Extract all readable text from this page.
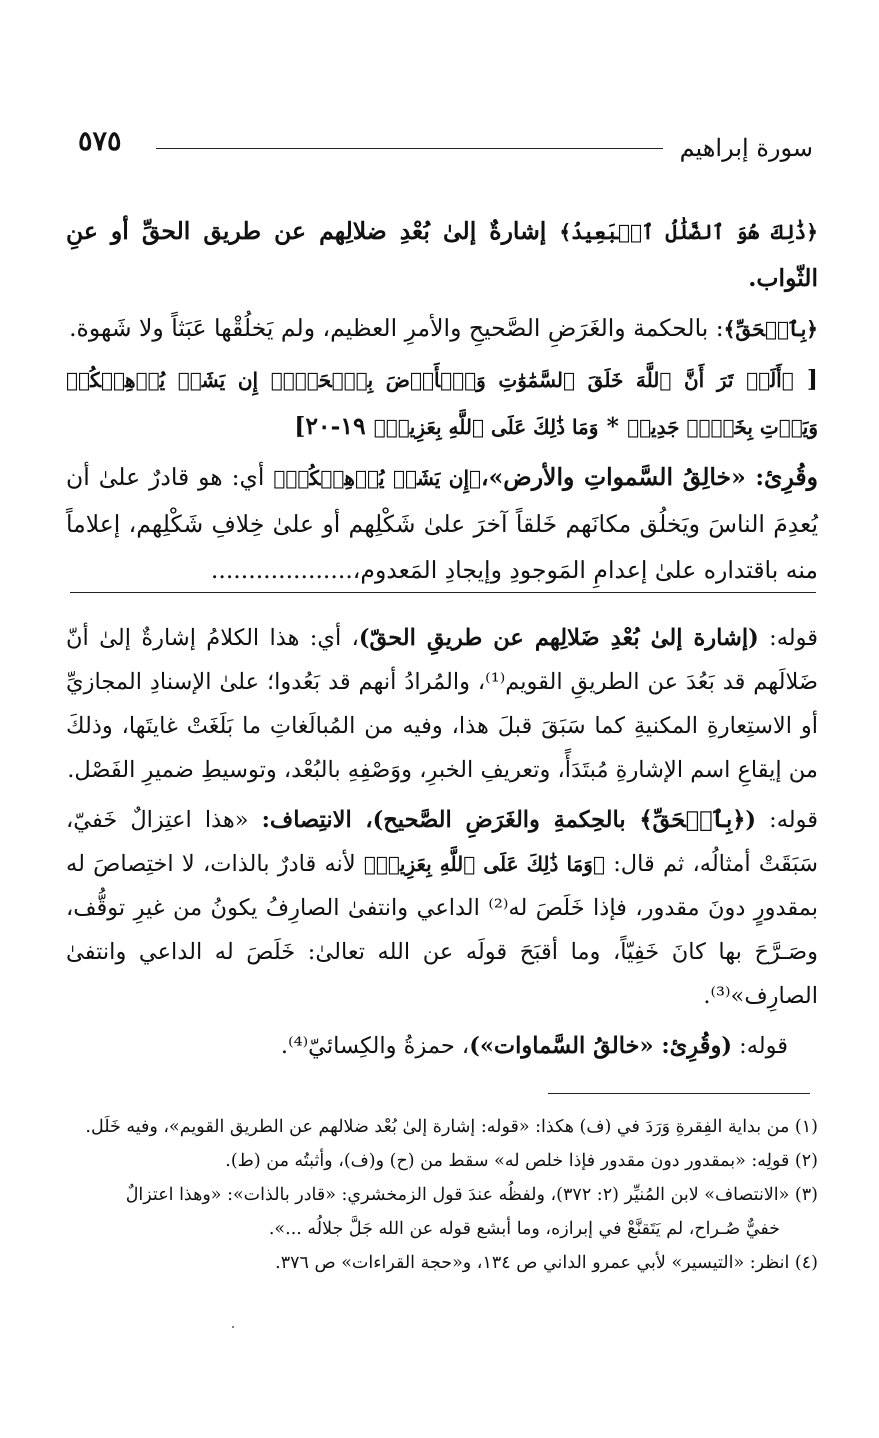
سورة إبراهيم
٥٧٥

﴿ذَٰلِكَ هُوَ ٱلضَّلَٰلُ ٱلۡبَعِيدُ﴾ إشارةٌ إلىٰ بُعْدِ ضلالِهم عن طريق الحقِّ أو عنِ الثّواب.

﴿بِٱلۡحَقِّ﴾: بالحكمة والغَرَضِ الصَّحيحِ والأمرِ العظيم، ولم يَخلُقْها عَبَثاً ولا شَهوة.

[ ﴿أَلَمۡ تَرَ أَنَّ ٱللَّهَ خَلَقَ ٱلسَّمَٰوَٰتِ وَٱلۡأَرۡضَ بِٱلۡحَقِّۚ إِن يَشَأۡ يُذۡهِبۡكُمۡ وَيَأۡتِ بِخَلۡقٖ جَدِيدٖ * وَمَا ذَٰلِكَ عَلَى ٱللَّهِ بِعَزِيزٖ﴾ ١٩-٢٠]

وقُرِئ: «خالِقُ السَّمواتِ والأرض»،﴿إِن يَشَأۡ يُذۡهِبۡكُمۡ﴾ أي: هو قادرٌ علىٰ أن يُعدِمَ الناسَ ويَخلُق مكانَهم خَلقاً آخرَ علىٰ شَكْلِهم أو علىٰ خِلافِ شَكْلِهم، إعلاماً منه باقتداره علىٰ إعدامِ المَوجودِ وإيجادِ المَعدوم،...................

قوله: (إشارة إلىٰ بُعْدِ ضَلالِهم عن طريقِ الحقّ)، أي: هذا الكلامُ إشارةٌ إلىٰ أنّ ضَلالَهم قد بَعُدَ عن الطريقِ القويم⁽¹⁾، والمُرادُ أنهم قد بَعُدوا؛ علىٰ الإسنادِ المجازيِّ أو الاستِعارةِ المكنيةِ كما سَبَقَ قبلَ هذا، وفيه من المُبالَغاتِ ما بَلَغَتْ غايتَها، وذلكَ من إيقاعِ اسم الإشارةِ مُبتَدَأً، وتعريفِ الخبرِ، ووَصْفِهِ بالبُعْد، وتوسيطِ ضميرِ الفَصْل.

قوله: (﴿بِٱلۡحَقِّ﴾ بالحِكمةِ والغَرَضِ الصَّحيح)، الانتِصاف: «هذا اعتِزالٌ خَفيّ، سَبَقَتْ أمثالُه، ثم قال: ﴿وَمَا ذَٰلِكَ عَلَى ٱللَّهِ بِعَزِيزٖ﴾ لأنه قادرٌ بالذات، لا اختِصاصَ له بمقدورٍ دونَ مقدور، فإذا خَلَصَ له⁽²⁾ الداعي وانتفىٰ الصارِفُ يكونُ من غيرِ توقُّف، وصَـرَّحَ بها كانَ خَفِيّاً، وما أقبَحَ قولَه عن الله تعالىٰ: خَلَصَ له الداعي وانتفىٰ الصارِف»⁽³⁾.

قوله: (وقُرِئ: «خالقُ السَّماوات»)، حمزةُ والكِسائيّ⁽⁴⁾.

(١) من بداية الفِقرةِ وَرَدَ في (ف) هكذا: «قوله: إشارة إلىٰ بُعْد ضلالهم عن الطريق القويم»، وفيه خَلَل.

(٢) قولِه: «بمقدور دون مقدور فإذا خلص له» سقط من (ح) و(ف)، وأثبتُه من (ط).

(٣) «الانتصاف» لابن المُنيِّر (٢: ٣٧٢)، ولفظُه عندَ قول الزمخشري: «قادر بالذات»: «وهذا اعتزالٌ

خفيٌّ صُـراح، لم يَتَقنَّعْ في إبرازه، وما أبشع قوله عن الله جَلَّ جلالُه ...».

(٤) انظر: «التيسير» لأبي عمرو الداني ص ١٣٤، و«حجة القراءات» ص ٣٧٦.
